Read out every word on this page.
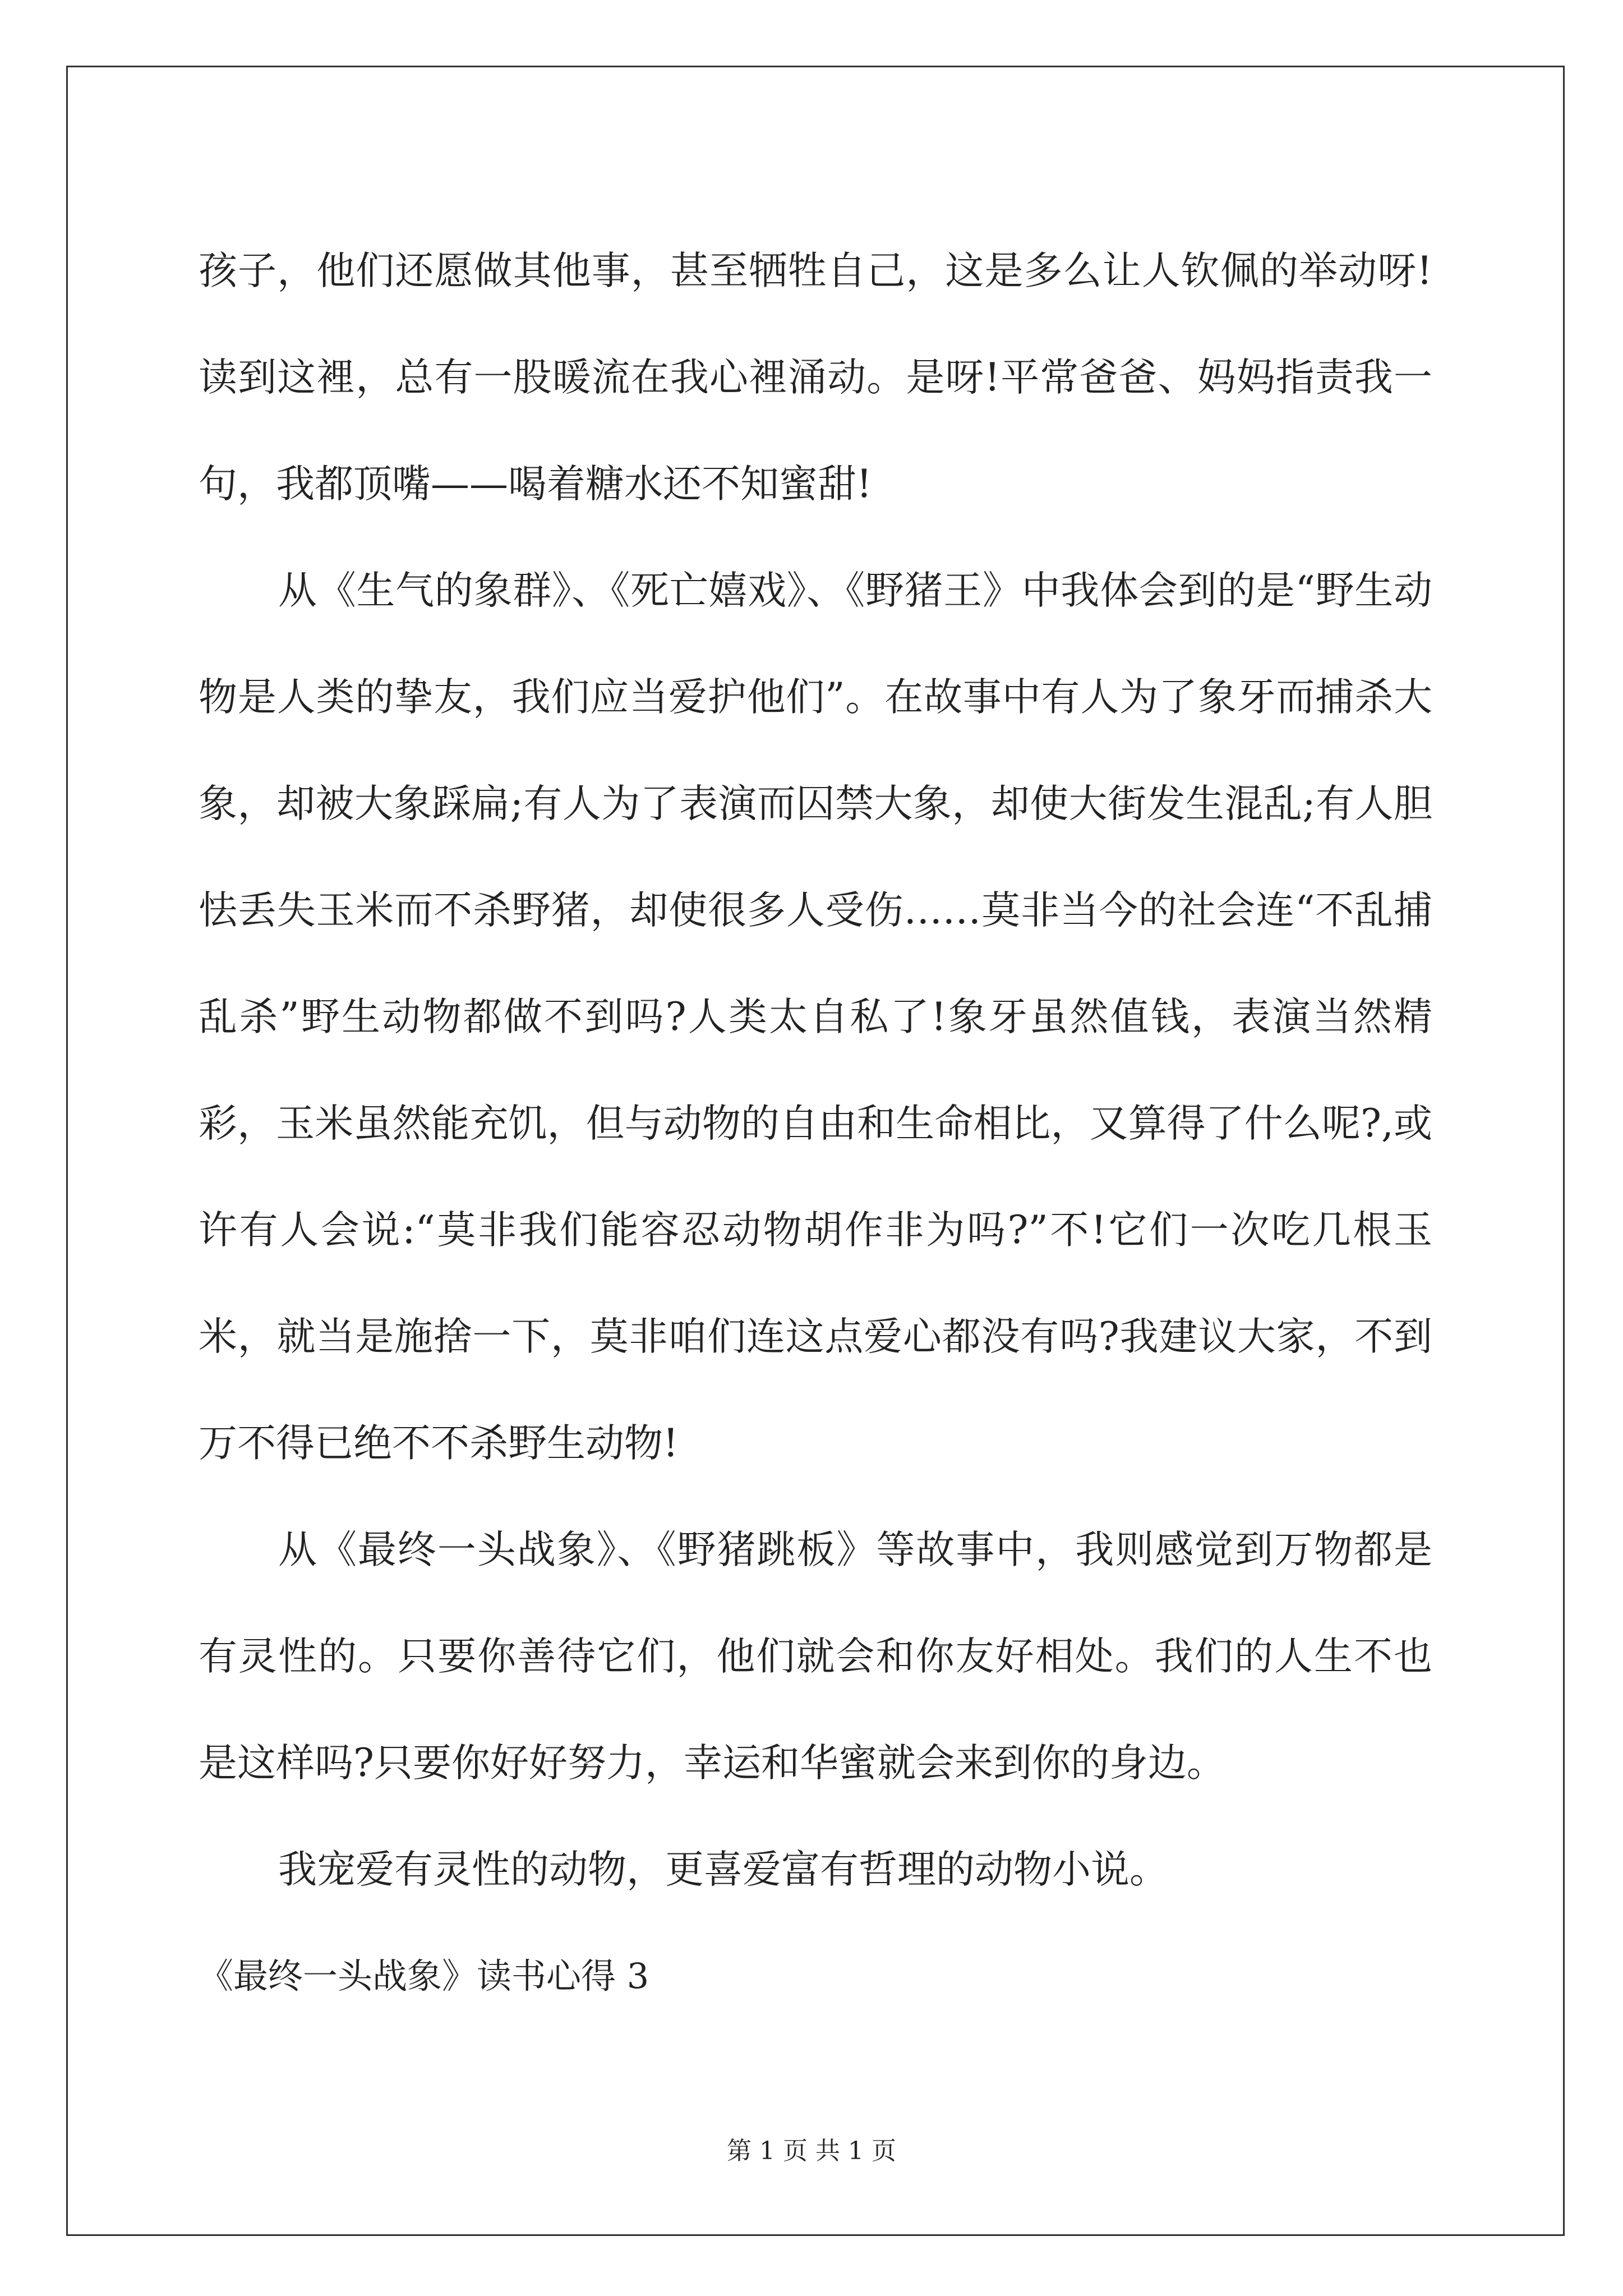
孩子，他们还愿做其他事，甚至牺牲自己，这是多么让人钦佩的举动呀!读到这裡，总有一股暖流在我心裡涌动。是呀!平常爸爸、妈妈指责我一句，我都顶嘴——喝着糖水还不知蜜甜!

从《生气的象群》、《死亡嬉戏》、《野猪王》中我体会到的是“野生动物是人类的挚友，我们应当爱护他们”。在故事中有人为了象牙而捕杀大象，却被大象踩扁;有人为了表演而囚禁大象，却使大街发生混乱;有人胆怯丢失玉米而不杀野猪，却使很多人受伤……莫非当今的社会连“不乱捕乱杀”野生动物都做不到吗?人类太自私了!象牙虽然值钱，表演当然精彩，玉米虽然能充饥，但与动物的自由和生命相比，又算得了什么呢?,或许有人会说:“莫非我们能容忍动物胡作非为吗?”不!它们一次吃几根玉米，就当是施捨一下，莫非咱们连这点爱心都没有吗?我建议大家，不到万不得已绝不不杀野生动物!

从《最终一头战象》、《野猪跳板》等故事中，我则感觉到万物都是有灵性的。只要你善待它们，他们就会和你友好相处。我们的人生不也是这样吗?只要你好好努力，幸运和华蜜就会来到你的身边。

我宠爱有灵性的动物，更喜爱富有哲理的动物小说。

《最终一头战象》读书心得 3

第 1 页 共 1 页
